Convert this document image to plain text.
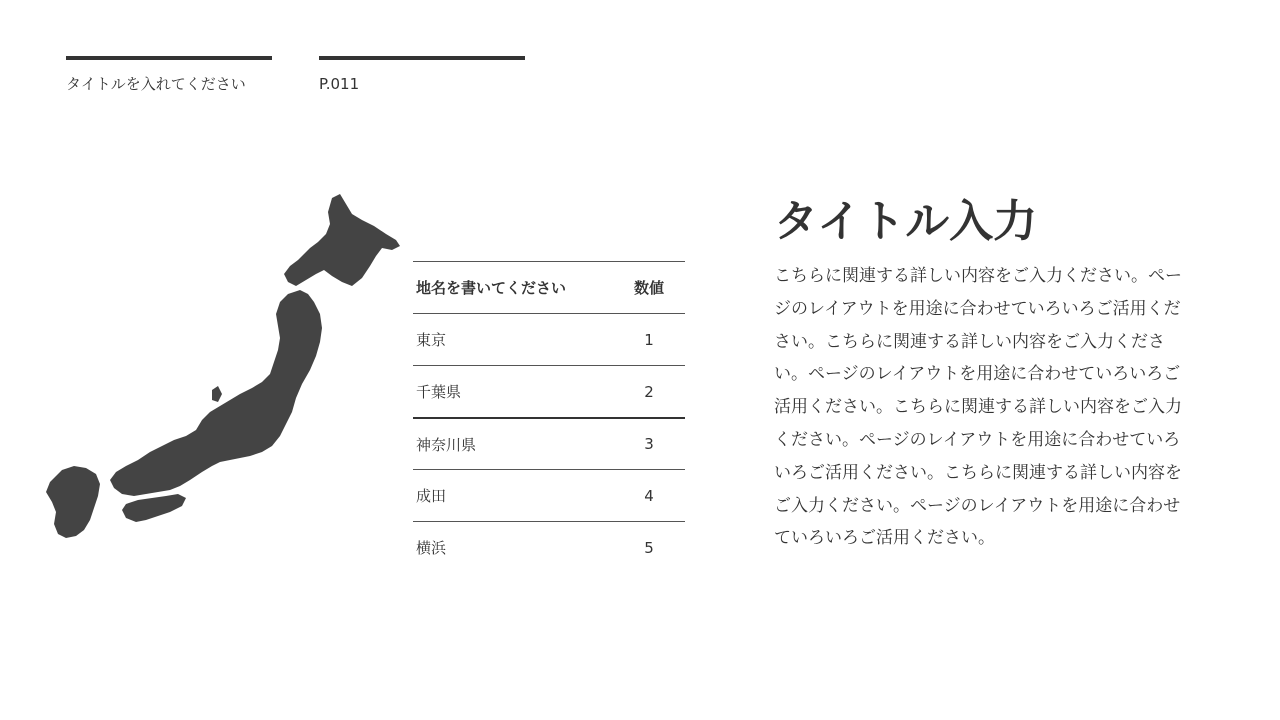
タイトルを入れてください	P.011
地名を書いてください	数値
東京	1
千葉県	2
神奈川県	3
成田	4
横浜	5
タイトル入力
こちらに関連する詳しい内容をご入力ください。ページのレイアウトを用途に合わせていろいろご活用ください。こちらに関連する詳しい内容をご入力ください。ページのレイアウトを用途に合わせていろいろご活用ください。こちらに関連する詳しい内容をご入力ください。ページのレイアウトを用途に合わせていろいろご活用ください。こちらに関連する詳しい内容をご入力ください。ページのレイアウトを用途に合わせていろいろご活用ください。
